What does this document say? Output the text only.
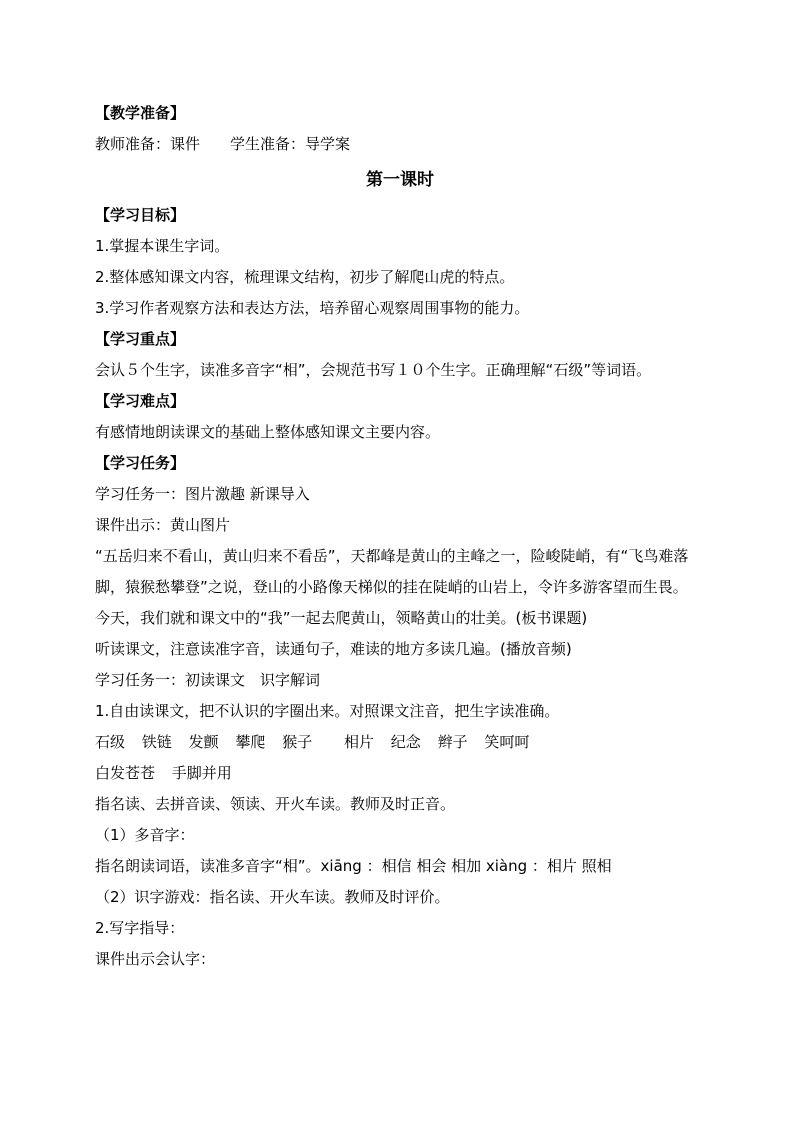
【教学准备】
教师准备：课件　　学生准备：导学案
第一课时
【学习目标】
1.掌握本课生字词。
2.整体感知课文内容，梳理课文结构，初步了解爬山虎的特点。
3.学习作者观察方法和表达方法，培养留心观察周围事物的能力。
【学习重点】
会认５个生字，读准多音字“相”，会规范书写１０个生字。正确理解“石级”等词语。
【学习难点】
有感情地朗读课文的基础上整体感知课文主要内容。
【学习任务】
学习任务一：图片激趣 新课导入
课件出示：黄山图片
“五岳归来不看山，黄山归来不看岳”，天都峰是黄山的主峰之一，险峻陡峭，有“飞鸟难落脚，猿猴愁攀登”之说，登山的小路像天梯似的挂在陡峭的山岩上，令许多游客望而生畏。
今天，我们就和课文中的“我”一起去爬黄山，领略黄山的壮美。(板书课题)
听读课文，注意读准字音，读通句子，难读的地方多读几遍。(播放音频)
学习任务一：初读课文　识字解词
1.自由读课文，把不认识的字圈出来。对照课文注音，把生字读准确。
石级 铁链 发颤 攀爬 猴子 　相片 纪念 辫子 笑呵呵
白发苍苍 手脚并用
指名读、去拼音读、领读、开火车读。教师及时正音。
（1）多音字：
指名朗读词语，读准多音字“相”。xiāng ：相信 相会 相加 xiàng ：相片 照相
（2）识字游戏：指名读、开火车读。教师及时评价。
2.写字指导：
课件出示会认字：
